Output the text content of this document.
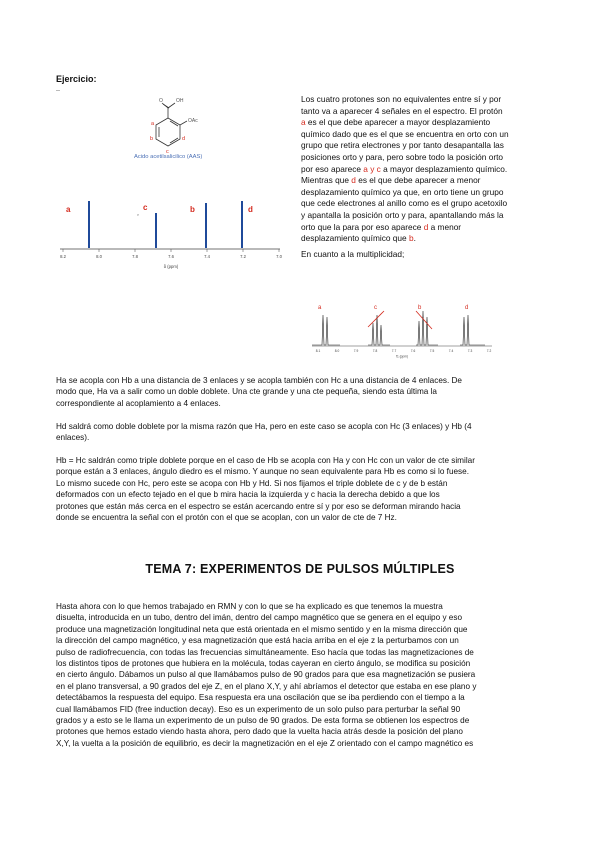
Ejercicio:
O	OH
OAc
a
b
c
d
Acido acetilsalicilico (AAS)
a	c
e
b	d
8.2	8.0	7.8	7.6	7.4	7.2	7.0
δ (ppm)
Los cuatro protones son no equivalentes entre sí y por
tanto va a aparecer 4 señales en el espectro. El protón
a es el que debe aparecer a mayor desplazamiento
químico dado que es el que se encuentra en orto con un
grupo que retira electrones y por tanto desapantalla las
posiciones orto y para, pero sobre todo la posición orto
por eso aparece a y c a mayor desplazamiento químico.
Mientras que d es el que debe aparecer a menor
desplazamiento químico ya que, en orto tiene un grupo
que cede electrones al anillo como es el grupo acetoxilo
y apantalla la posición orto y para, apantallando más la
orto que la para por eso aparece d a menor
desplazamiento químico que b.
En cuanto a la multiplicidad;
a	c	b	d
8.1	8.0	7.9	7.8	7.7	7.6	7.5	7.4	7.3	7.2
f1 (ppm)
Ha se acopla con Hb a una distancia de 3 enlaces y se acopla también con Hc a una distancia de 4 enlaces. De
modo que, Ha va a salir como un doble doblete. Una cte grande y una cte pequeña, siendo esta última la
correspondiente al acoplamiento a 4 enlaces.
Hd saldrá como doble doblete por la misma razón que Ha, pero en este caso se acopla con Hc (3 enlaces) y Hb (4
enlaces).
Hb = Hc saldrán como triple doblete porque en el caso de Hb se acopla con Ha y con Hc con un valor de cte similar
porque están a 3 enlaces, ángulo diedro es el mismo. Y aunque no sean equivalente para Hb es como si lo fuese.
Lo mismo sucede con Hc, pero este se acopa con Hb y Hd. Si nos fijamos el triple doblete de c y de b están
deformados con un efecto tejado en el que b mira hacia la izquierda y c hacia la derecha debido a que los
protones que están más cerca en el espectro se están acercando entre sí y por eso se deforman mirando hacia
donde se encuentra la señal con el protón con el que se acoplan, con un valor de cte de 7 Hz.
TEMA 7: EXPERIMENTOS DE PULSOS MÚLTIPLES
Hasta ahora con lo que hemos trabajado en RMN y con lo que se ha explicado es que tenemos la muestra
disuelta, introducida en un tubo, dentro del imán, dentro del campo magnético que se genera en el equipo y eso
produce una magnetización longitudinal neta que está orientada en el mismo sentido y en la misma dirección que
la dirección del campo magnético, y esa magnetización que está hacia arriba en el eje z la perturbamos con un
pulso de radiofrecuencia, con todas las frecuencias simultáneamente. Eso hacía que todas las magnetizaciones de
los distintos tipos de protones que hubiera en la molécula, todas cayeran en cierto ángulo, se modifica su posición
en cierto ángulo. Dábamos un pulso al que llamábamos pulso de 90 grados para que esa magnetización se pusiera
en el plano transversal, a 90 grados del eje Z, en el plano X,Y, y ahí abríamos el detector que estaba en ese plano y
detectábamos la respuesta del equipo. Esa respuesta era una oscilación que se iba perdiendo con el tiempo a la
cual llamábamos FID (free induction decay). Eso es un experimento de un solo pulso para perturbar la señal 90
grados y a esto se le llama un experimento de un pulso de 90 grados. De esta forma se obtienen los espectros de
protones que hemos estado viendo hasta ahora, pero dado que la vuelta hacia atrás desde la posición del plano
X,Y, la vuelta a la posición de equilibrio, es decir la magnetización en el eje Z orientado con el campo magnético es
